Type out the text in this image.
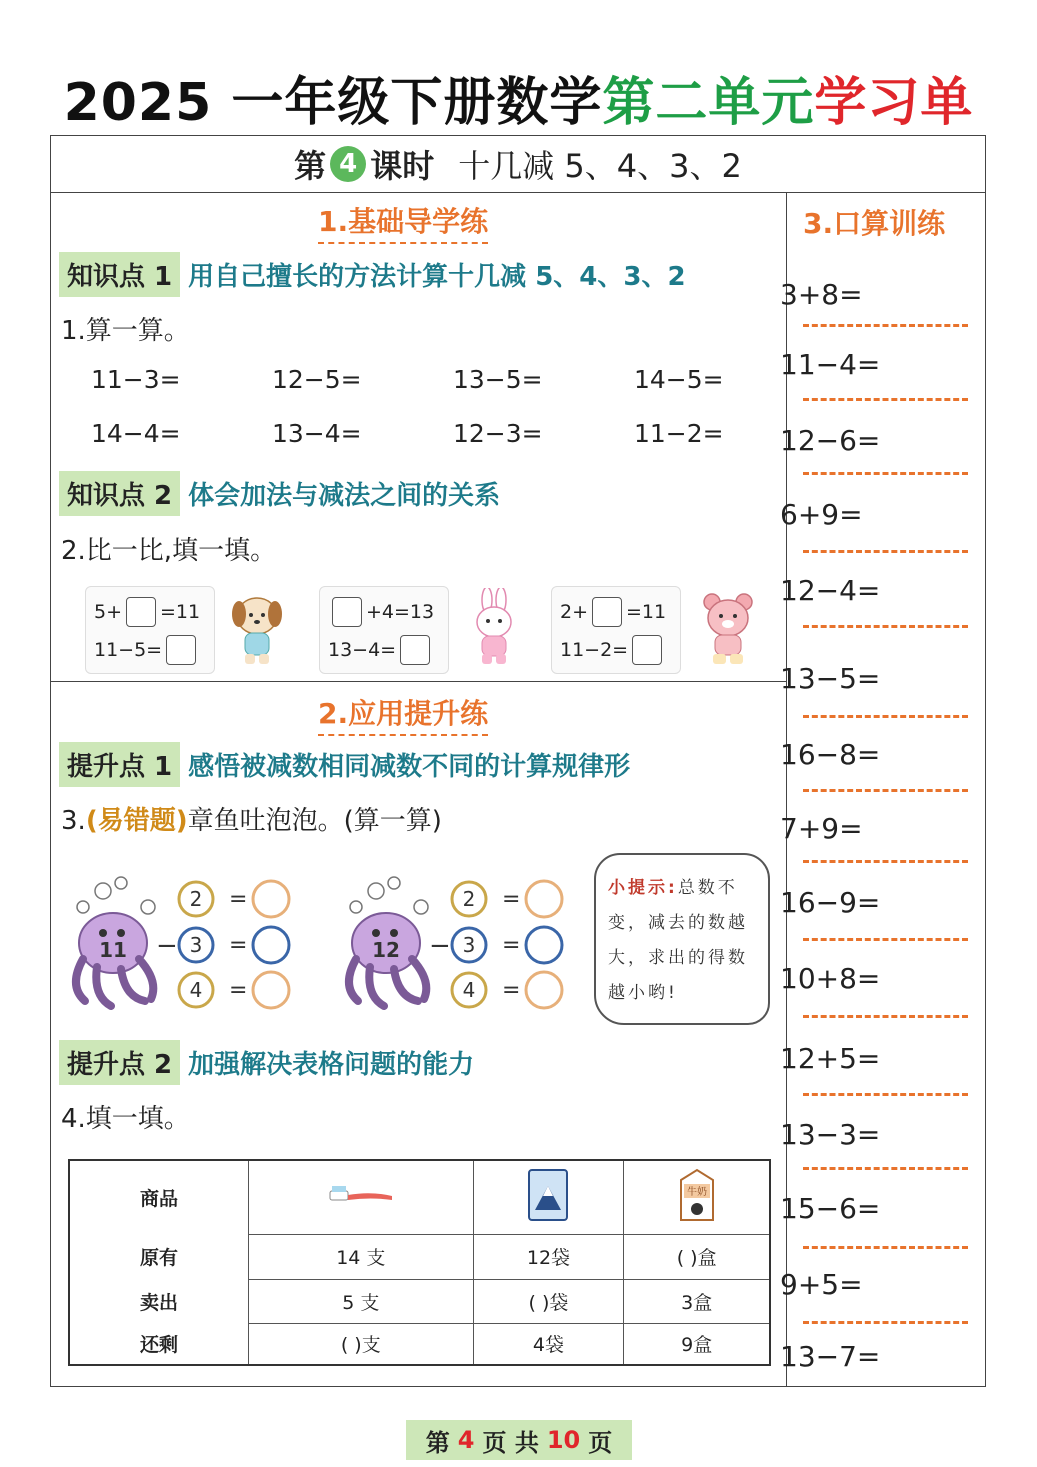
2025 一年级下册数学第二单元学习单
第 4 课时 十几减 5、4、3、2
1.基础导学练
知识点 1 用自己擅长的方法计算十几减 5、4、3、2
1.算一算。
11−3=	12−5=	13−5=	14−5=
14−4=	13−4=	12−3=	11−2=
知识点 2 体会加法与减法之间的关系
2.比一比,填一填。
5+ =11
11−5=
+4=13
13−4=
2+ =11
11−2=
2.应用提升练
提升点 1 感悟被减数相同减数不同的计算规律形
3.(易错题)章鱼吐泡泡。(算一算)
11 −
2
3
4
=
=
=
12 −
2
3
4
=
=
=
小提示:总数不变，减去的数越大，求出的得数越小哟!
提升点 2 加强解决表格问题的能力
4.填一填。
商品			牛奶

原有	14 支	12袋	( )盒
卖出	5 支	( )袋	3盒
还剩	( )支	4袋	9盒
3.口算训练
3+8=
11−4=
12−6=
6+9=
12−4=
13−5=
16−8=
7+9=
16−9=
10+8=
12+5=
13−3=
15−6=
9+5=
13−7=
第 4 页 共 10 页
